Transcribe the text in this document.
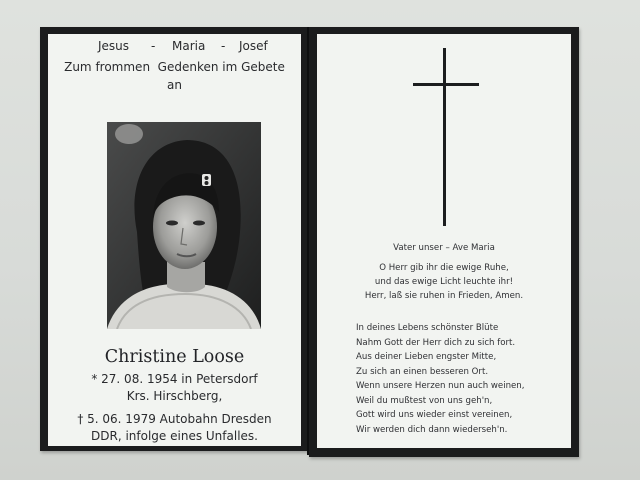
Jesus - Maria - Josef
Zum frommen  Gedenken im Gebete
an
Christine Loose
* 27. 08. 1954 in Petersdorf
Krs. Hirschberg,
† 5. 06. 1979 Autobahn Dresden
DDR, infolge eines Unfalles.
Vater unser – Ave Maria
O Herr gib ihr die ewige Ruhe,
und das ewige Licht leuchte ihr!
Herr, laß sie ruhen in Frieden, Amen.
In deines Lebens schönster Blüte
Nahm Gott der Herr dich zu sich fort.
Aus deiner Lieben engster Mitte,
Zu sich an einen besseren Ort.
Wenn unsere Herzen nun auch weinen,
Weil du mußtest von uns geh'n,
Gott wird uns wieder einst vereinen,
Wir werden dich dann wiederseh'n.
